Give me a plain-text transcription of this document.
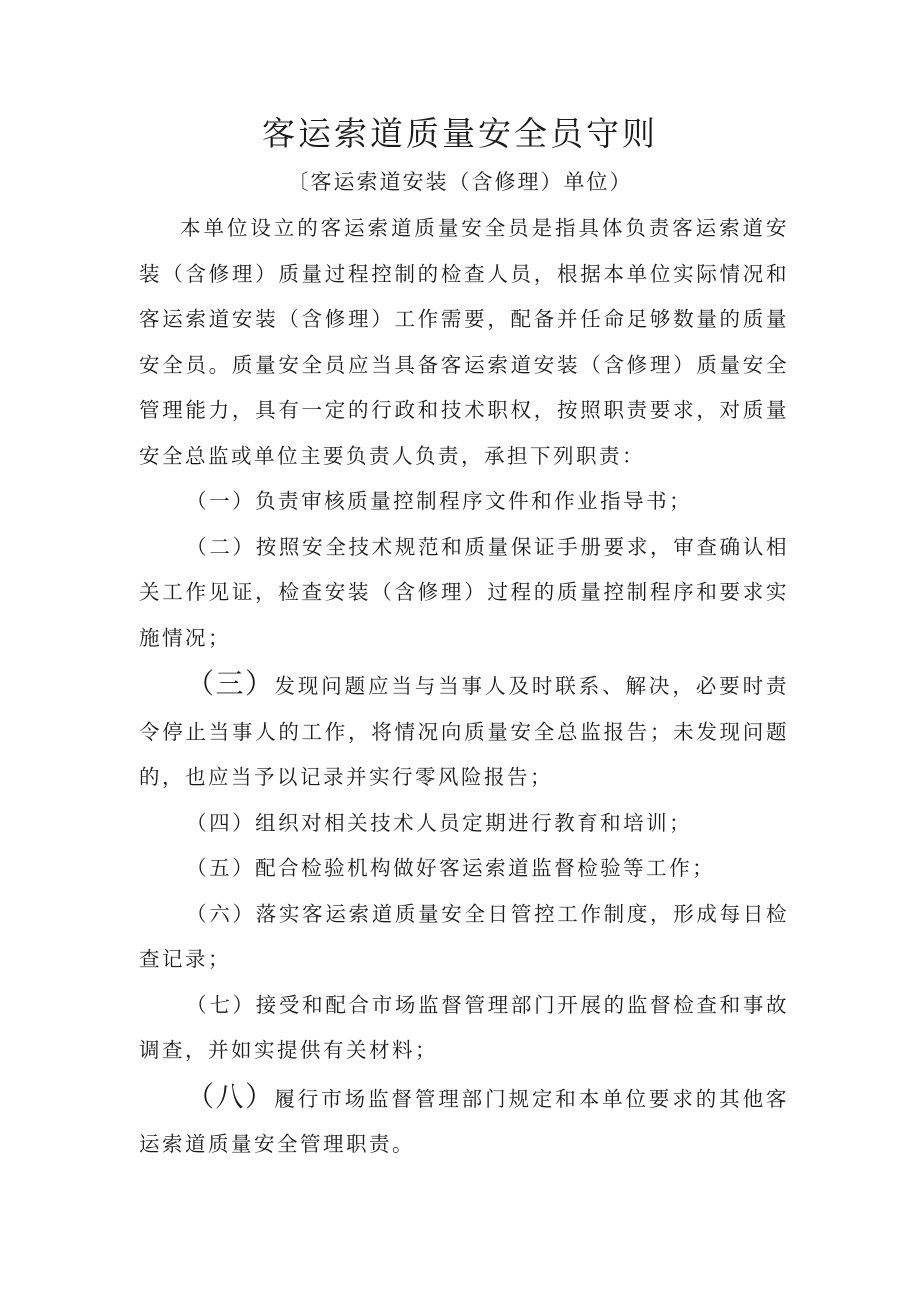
客运索道质量安全员守则

〔客运索道安装（含修理）单位）

本单位设立的客运索道质量安全员是指具体负责客运索道安装（含修理）质量过程控制的检查人员，根据本单位实际情况和客运索道安装（含修理）工作需要，配备并任命足够数量的质量安全员。质量安全员应当具备客运索道安装（含修理）质量安全管理能力，具有一定的行政和技术职权，按照职责要求，对质量安全总监或单位主要负责人负责，承担下列职责：

（一）负责审核质量控制程序文件和作业指导书；

（二）按照安全技术规范和质量保证手册要求，审查确认相关工作见证，检查安装（含修理）过程的质量控制程序和要求实施情况；

（三）发现问题应当与当事人及时联系、解决，必要时责令停止当事人的工作，将情况向质量安全总监报告；未发现问题的，也应当予以记录并实行零风险报告；

（四）组织对相关技术人员定期进行教育和培训；

（五）配合检验机构做好客运索道监督检验等工作；

（六）落实客运索道质量安全日管控工作制度，形成每日检查记录；

（七）接受和配合市场监督管理部门开展的监督检查和事故调查，并如实提供有关材料；

（八）履行市场监督管理部门规定和本单位要求的其他客运索道质量安全管理职责。
